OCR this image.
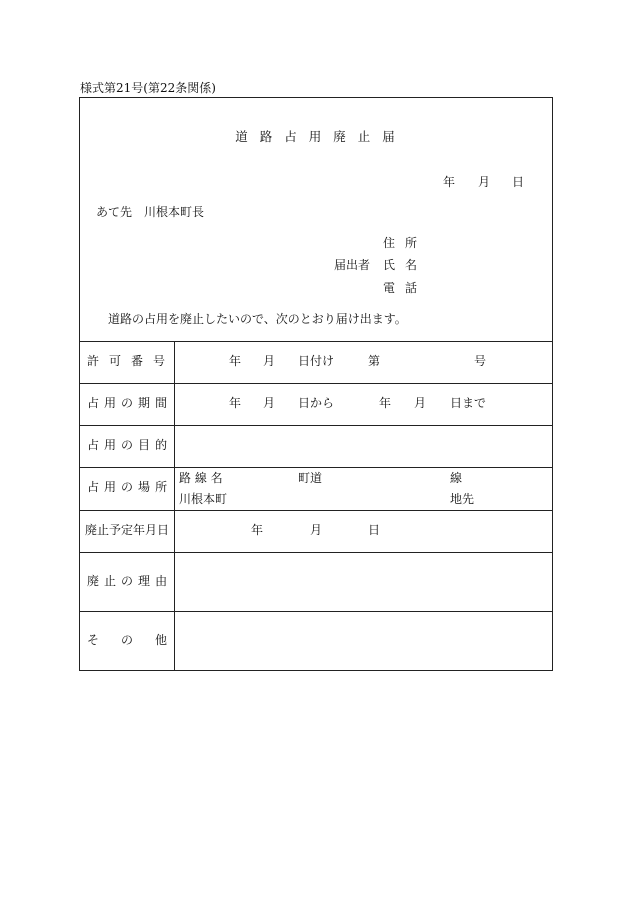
様式第21号(第22条関係)
道 路 占 用 廃 止 届
年 月 日
あて先　川根本町長
住 所
届出者 氏 名
電 話
道路の占用を廃止したいので、次のとおり届け出ます。
許 可 番 号	年 月 日付け	第	号
占 用 の 期 間	年 月 日から	年 月 日まで
占 用 の 目 的
占 用 の 場 所
路 線 名	町道	線
川根本町	地先
廃止予定年月日	年	月	日
廃 止 の 理 由
そ の 他
